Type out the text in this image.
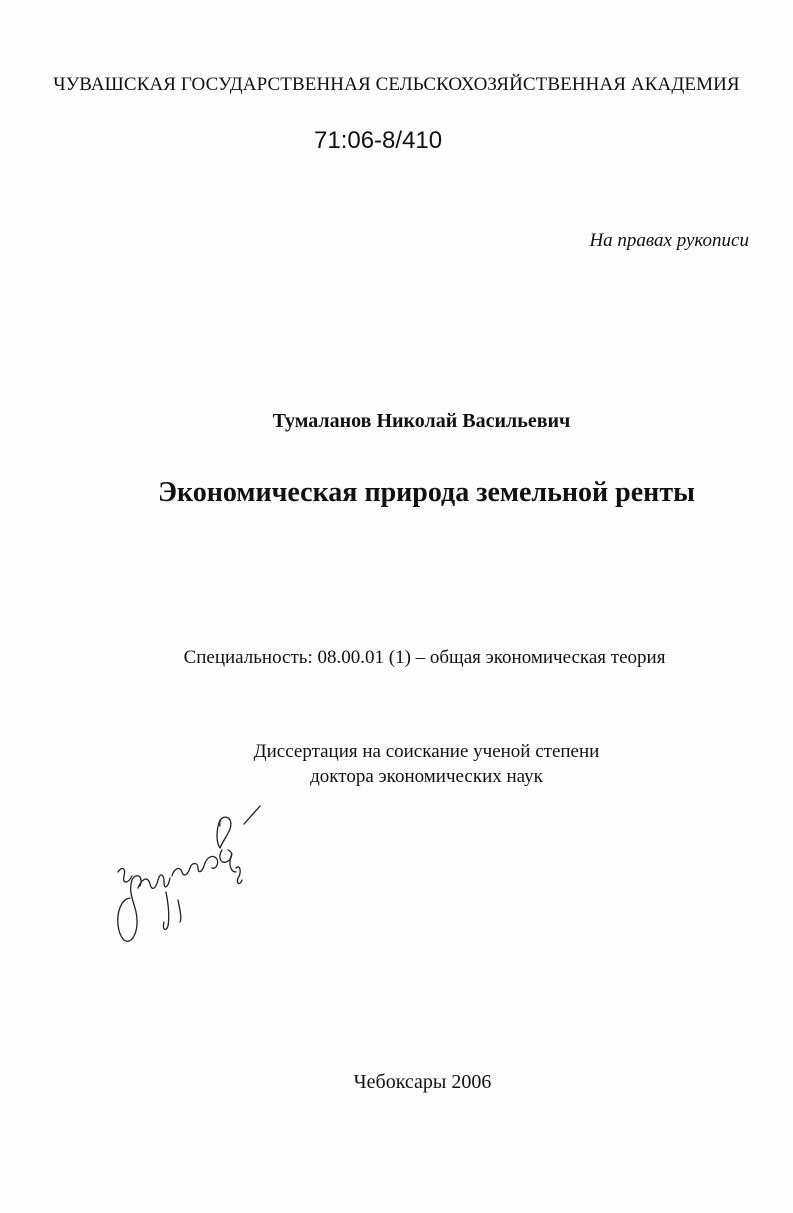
ЧУВАШСКАЯ ГОСУДАРСТВЕННАЯ СЕЛЬСКОХОЗЯЙСТВЕННАЯ АКАДЕМИЯ
71:06-8/410
На правах рукописи
Тумаланов Николай Васильевич
Экономическая природа земельной ренты
Специальность: 08.00.01 (1) – общая экономическая теория
Диссертация на соискание ученой степени
доктора экономических наук
Чебоксары 2006
